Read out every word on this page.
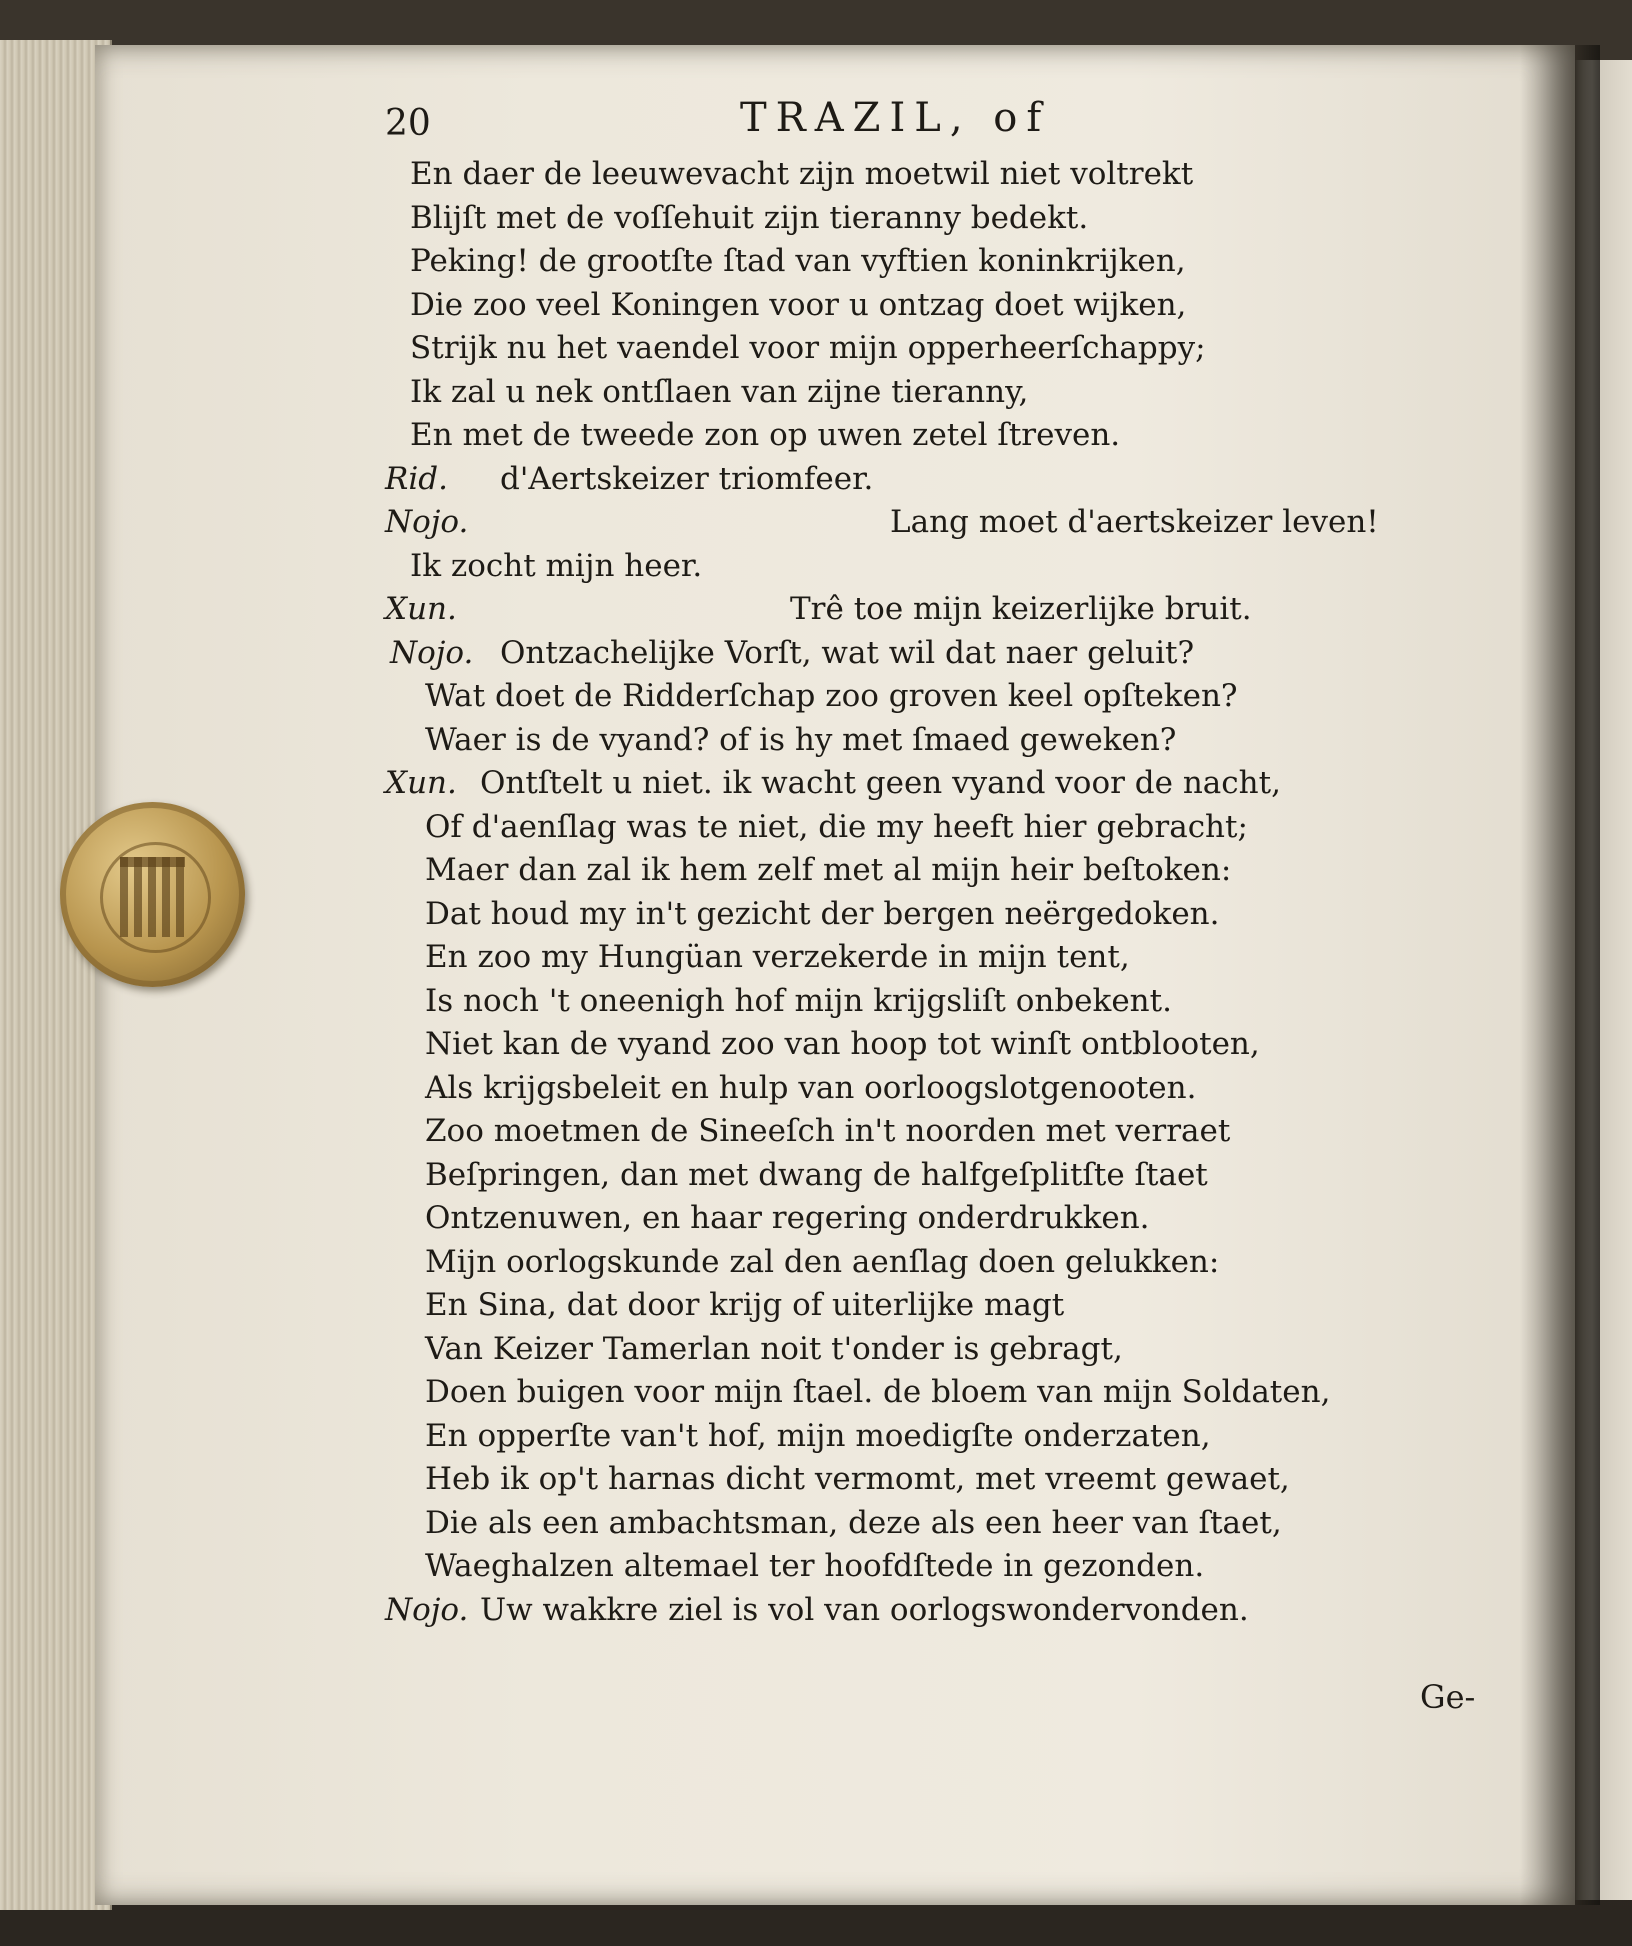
20	TRAZIL, of
En daer de leeuwevacht zijn moetwil niet voltrekt
Blijſt met de voſſehuit zijn tieranny bedekt.
Peking! de grootſte ſtad van vyftien koninkrijken,
Die zoo veel Koningen voor u ontzag doet wijken,
Strijk nu het vaendel voor mijn opperheerſchappy;
Ik zal u nek ontſlaen van zijne tieranny,
En met de tweede zon op uwen zetel ſtreven.
Rid. d'Aertskeizer triomfeer.
Nojo.	Lang moet d'aertskeizer leven!
Ik zocht mijn heer.
Xun.	Trê toe mijn keizerlijke bruit.
Nojo. Ontzachelijke Vorſt, wat wil dat naer geluit?
Wat doet de Ridderſchap zoo groven keel opſteken?
Waer is de vyand? of is hy met ſmaed geweken?
Xun. Ontſtelt u niet. ik wacht geen vyand voor de nacht,
Of d'aenſlag was te niet, die my heeft hier gebracht;
Maer dan zal ik hem zelf met al mijn heir beſtoken:
Dat houd my in't gezicht der bergen neërgedoken.
En zoo my Hungüan verzekerde in mijn tent,
Is noch 't oneenigh hof mijn krijgsliſt onbekent.
Niet kan de vyand zoo van hoop tot winſt ontblooten,
Als krijgsbeleit en hulp van oorloogslotgenooten.
Zoo moetmen de Sineeſch in't noorden met verraet
Beſpringen, dan met dwang de halfgeſplitſte ſtaet
Ontzenuwen, en haar regering onderdrukken.
Mijn oorlogskunde zal den aenſlag doen gelukken:
En Sina, dat door krijg of uiterlijke magt
Van Keizer Tamerlan noit t'onder is gebragt,
Doen buigen voor mijn ſtael. de bloem van mijn Soldaten,
En opperſte van't hof, mijn moedigſte onderzaten,
Heb ik op't harnas dicht vermomt, met vreemt gewaet,
Die als een ambachtsman, deze als een heer van ſtaet,
Waeghalzen altemael ter hoofdſtede in gezonden.
Nojo. Uw wakkre ziel is vol van oorlogswondervonden.
Ge-
